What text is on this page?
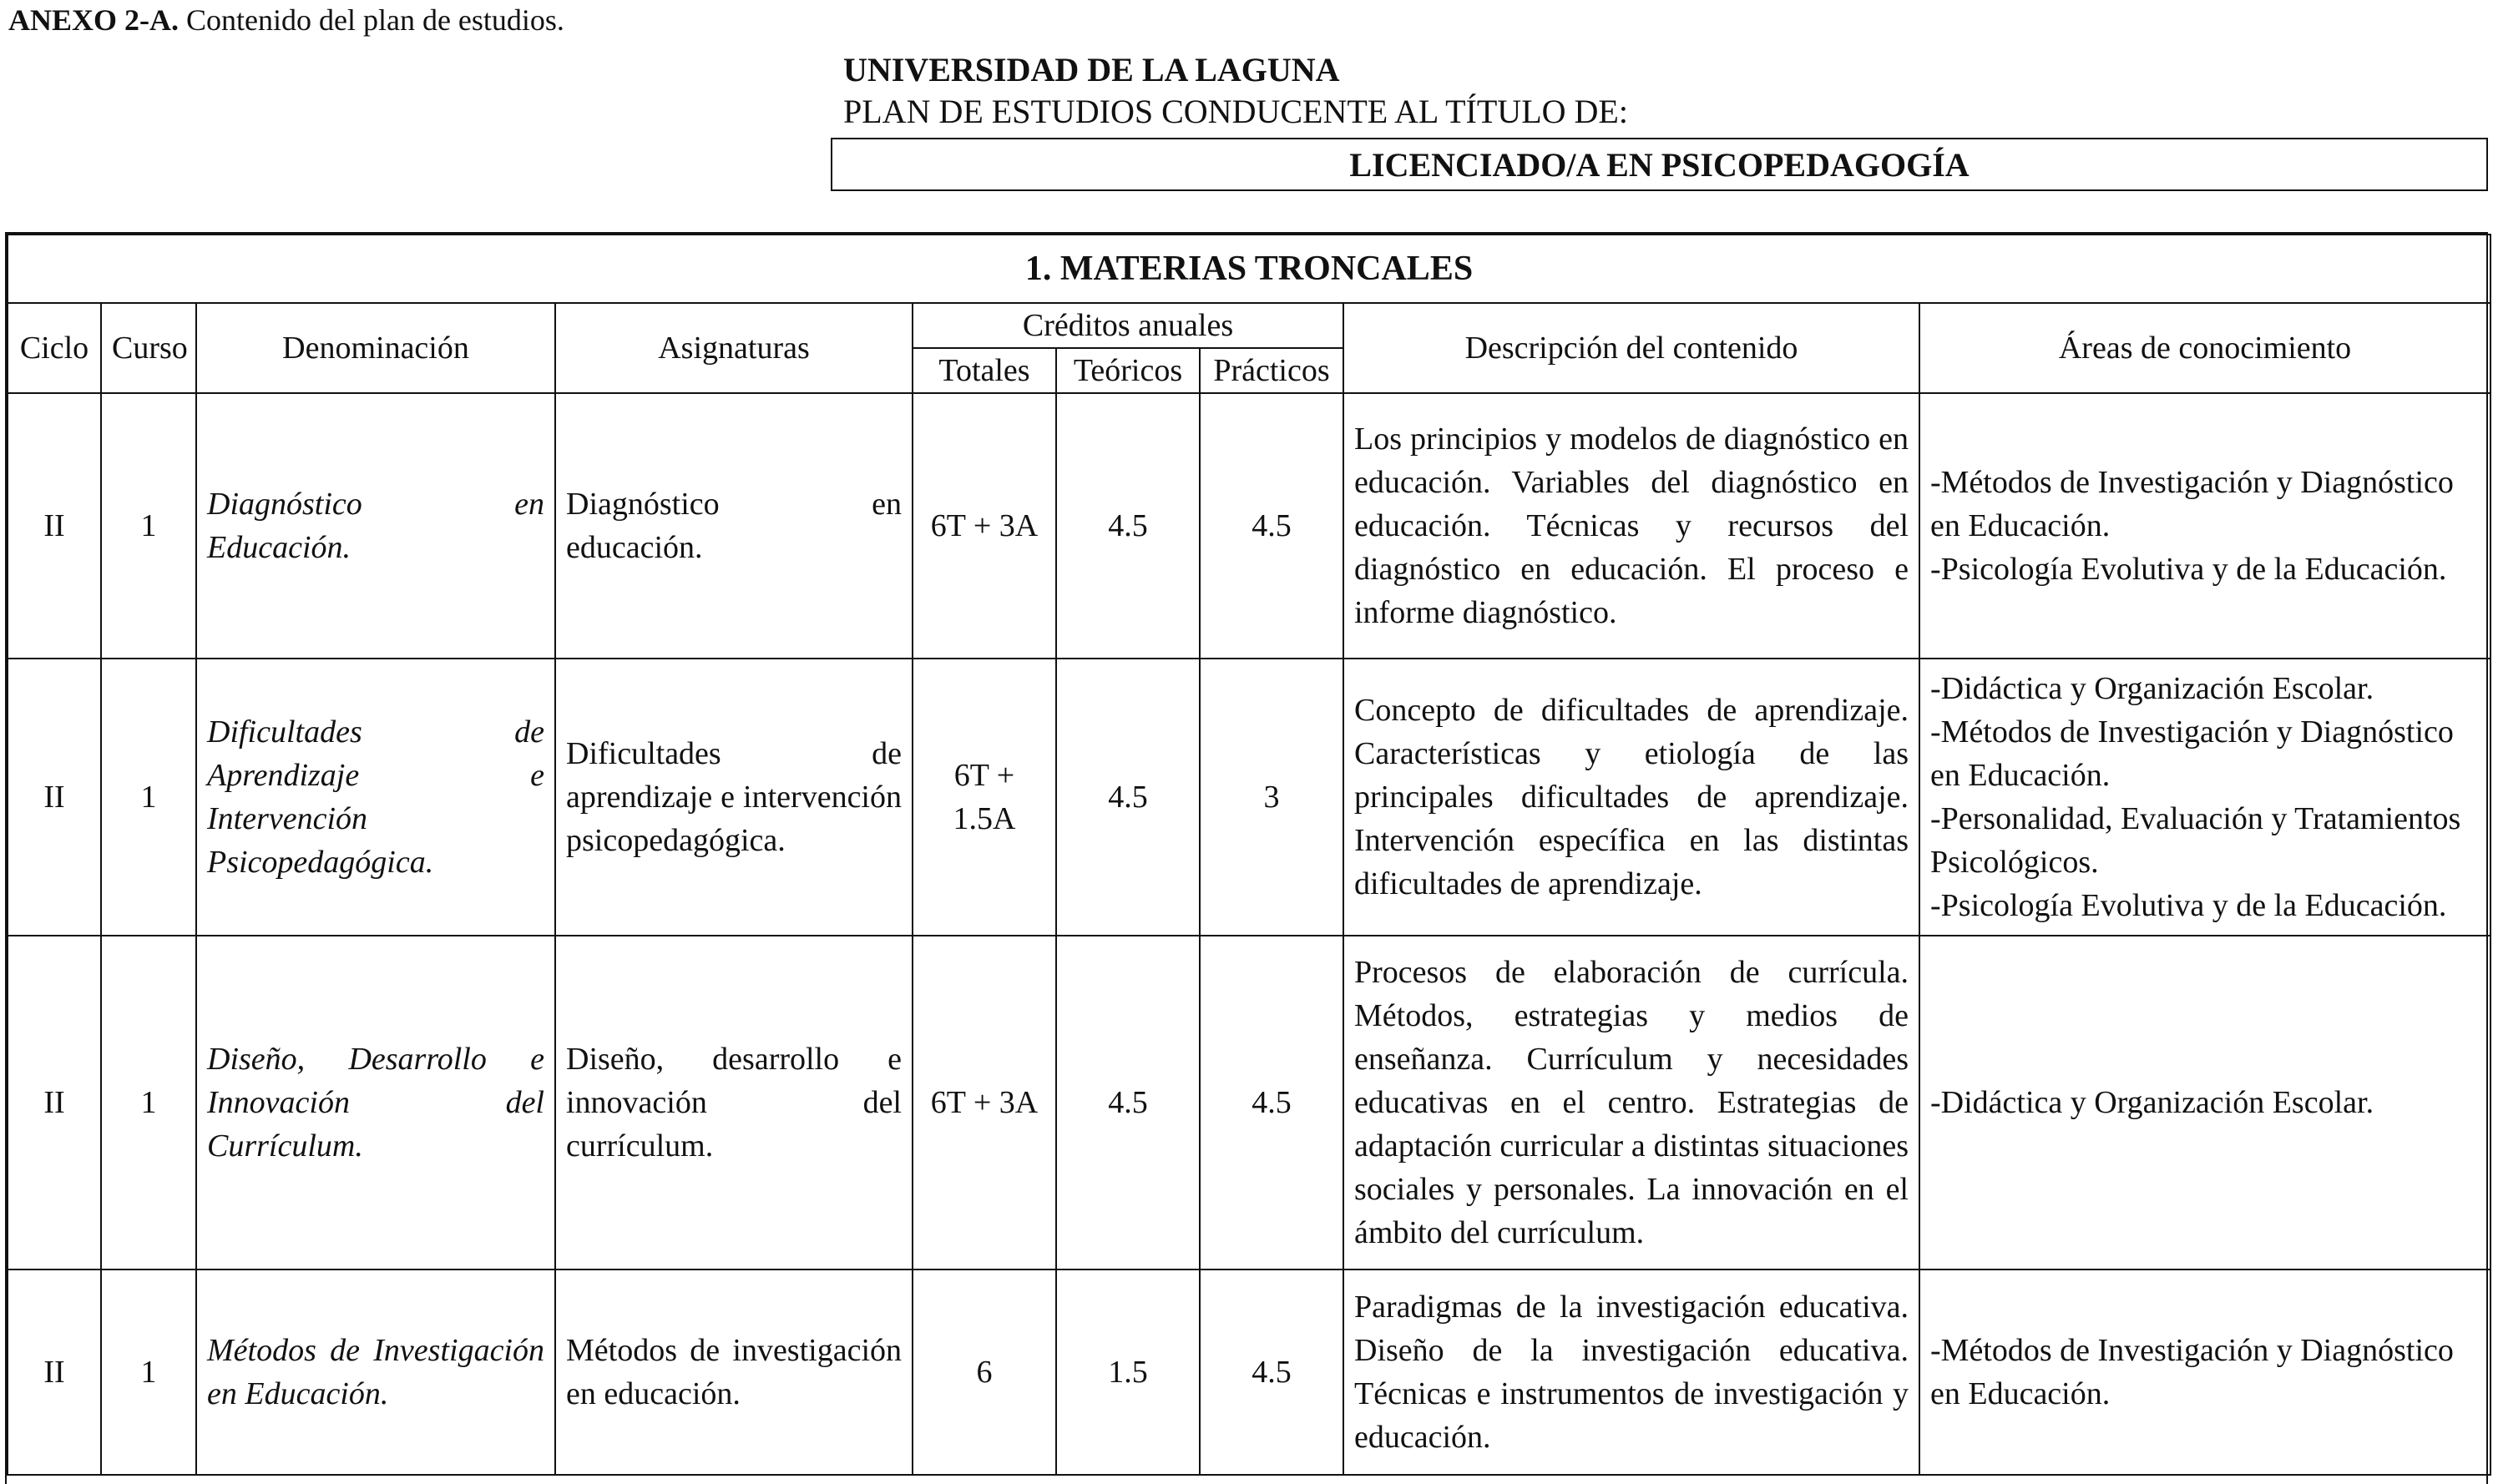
ANEXO 2-A. Contenido del plan de estudios.
UNIVERSIDAD DE LA LAGUNA
PLAN DE ESTUDIOS CONDUCENTE AL TÍTULO DE:
LICENCIADO/A EN PSICOPEDAGOGÍA
1. MATERIAS TRONCALES								
Ciclo	Curso	Denominación	Asignaturas	Créditos anuales			Descripción del contenido	Áreas de conocimiento
				Totales	Teóricos	Prácticos		
II	1	Diagnóstico en Educación.	Diagnóstico en educación.	6T + 3A	4.5	4.5	Los principios y modelos de diagnóstico en educación. Variables del diagnóstico en educación. Técnicas y recursos del diagnóstico en educación. El proceso e informe diagnóstico.	-Métodos de Investigación y Diagnóstico en Educación.
-Psicología Evolutiva y de la Educación.

II	1	Dificultades de Aprendizaje e Intervención Psicopedagógica.	Dificultades de aprendizaje e intervención psicopedagógica.	6T + 1.5A	4.5	3	Concepto de dificultades de aprendizaje. Características y etiología de las principales dificultades de aprendizaje. Intervención específica en las distintas dificultades de aprendizaje.	-Didáctica y Organización Escolar.
-Métodos de Investigación y Diagnóstico en Educación.
-Personalidad, Evaluación y Tratamientos Psicológicos.
-Psicología Evolutiva y de la Educación.

II	1	Diseño, Desarrollo e Innovación del Currículum.	Diseño, desarrollo e innovación del currículum.	6T + 3A	4.5	4.5	Procesos de elaboración de currícula. Métodos, estrategias y medios de enseñanza. Currículum y necesidades educativas en el centro. Estrategias de adaptación curricular a distintas situaciones sociales y personales. La innovación en el ámbito del currículum.	-Didáctica y Organización Escolar.

II	1	Métodos de Investigación en Educación.	Métodos de investigación en educación.	6	1.5	4.5	Paradigmas de la investigación educativa. Diseño de la investigación educativa. Técnicas e instrumentos de investigación y educación.	-Métodos de Investigación y Diagnóstico en Educación.
